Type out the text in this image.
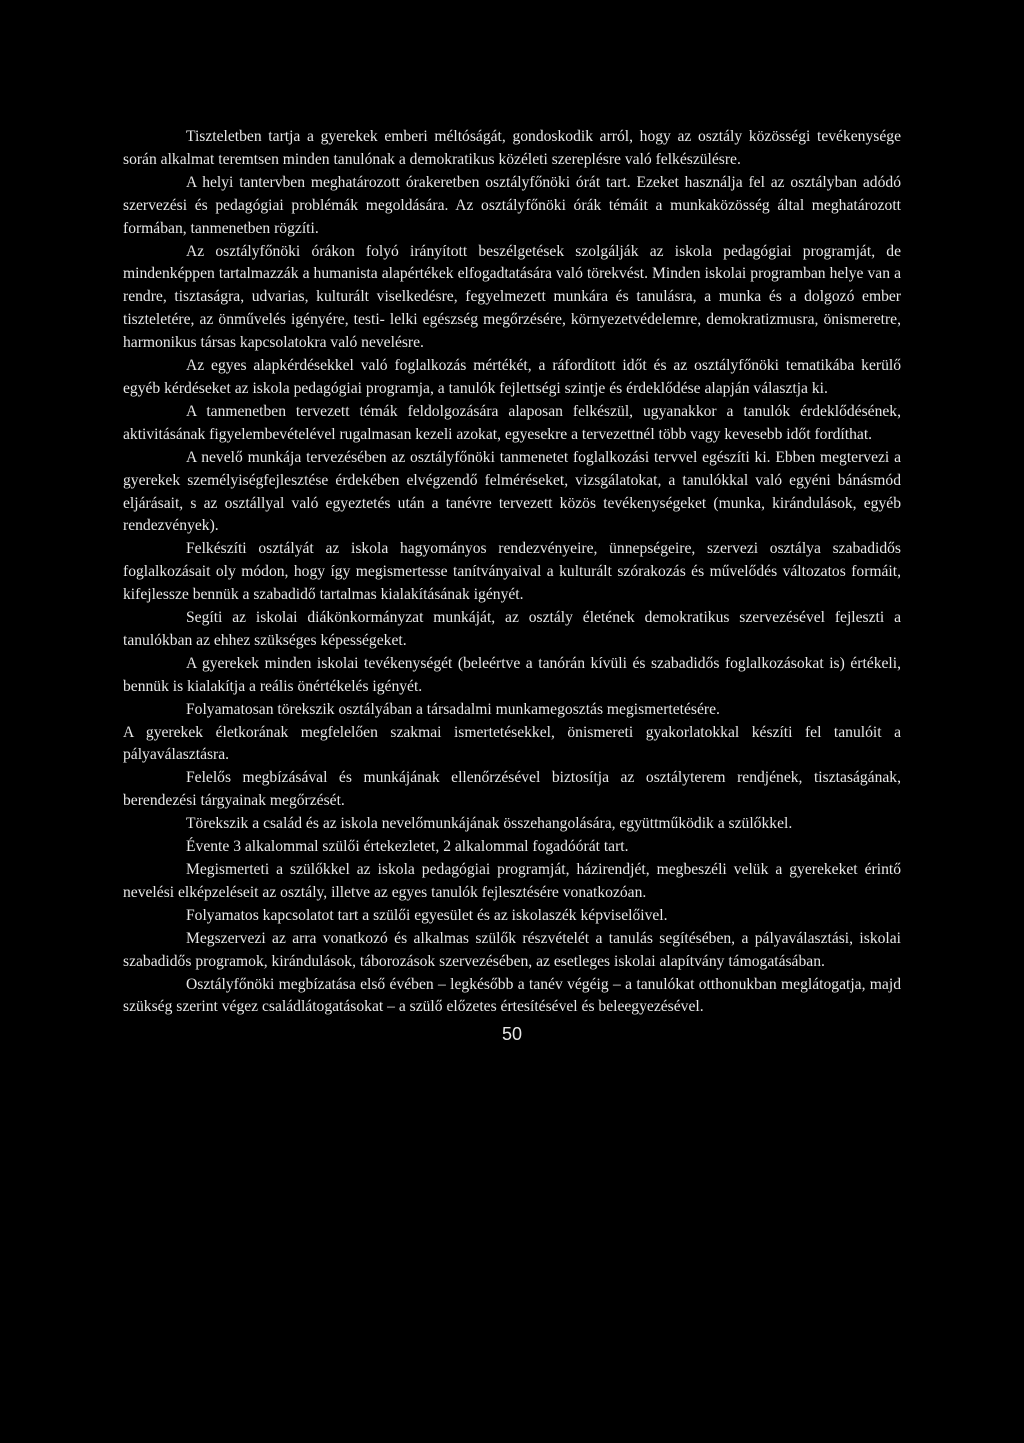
Tiszteletben tartja a gyerekek emberi méltóságát, gondoskodik arról, hogy az osztály közösségi tevékenysége során alkalmat teremtsen minden tanulónak a demokratikus közéleti szereplésre való felkészülésre.

A helyi tantervben meghatározott órakeretben osztályfőnöki órát tart. Ezeket használja fel az osztályban adódó szervezési és pedagógiai problémák megoldására. Az osztályfőnöki órák témáit a munkaközösség által meghatározott formában, tanmenetben rögzíti.

Az osztályfőnöki órákon folyó irányított beszélgetések szolgálják az iskola pedagógiai programját, de mindenképpen tartalmazzák a humanista alapértékek elfogadtatására való törekvést. Minden iskolai programban helye van a rendre, tisztaságra, udvarias, kulturált viselkedésre, fegyelmezett munkára és tanulásra, a munka és a dolgozó ember tiszteletére, az önművelés igényére, testi- lelki egészség megőrzésére, környezetvédelemre, demokratizmusra, önismeretre, harmonikus társas kapcsolatokra való nevelésre.

Az egyes alapkérdésekkel való foglalkozás mértékét, a ráfordított időt és az osztályfőnöki tematikába kerülő egyéb kérdéseket az iskola pedagógiai programja, a tanulók fejlettségi szintje és érdeklődése alapján választja ki.

A tanmenetben tervezett témák feldolgozására alaposan felkészül, ugyanakkor a tanulók érdeklődésének, aktivitásának figyelembevételével rugalmasan kezeli azokat, egyesekre a tervezettnél több vagy kevesebb időt fordíthat.

A nevelő munkája tervezésében az osztályfőnöki tanmenetet foglalkozási tervvel egészíti ki. Ebben megtervezi a gyerekek személyiségfejlesztése érdekében elvégzendő felméréseket, vizsgálatokat, a tanulókkal való egyéni bánásmód eljárásait, s az osztállyal való egyeztetés után a tanévre tervezett közös tevékenységeket (munka, kirándulások, egyéb rendezvények).

Felkészíti osztályát az iskola hagyományos rendezvényeire, ünnepségeire, szervezi osztálya szabadidős foglalkozásait oly módon, hogy így megismertesse tanítványaival a kulturált szórakozás és művelődés változatos formáit, kifejlessze bennük a szabadidő tartalmas kialakításának igényét.

Segíti az iskolai diákönkormányzat munkáját, az osztály életének demokratikus szervezésével fejleszti a tanulókban az ehhez szükséges képességeket.

A gyerekek minden iskolai tevékenységét (beleértve a tanórán kívüli és szabadidős foglalkozásokat is) értékeli, bennük is kialakítja a reális önértékelés igényét.

Folyamatosan törekszik osztályában a társadalmi munkamegosztás megismertetésére.

A gyerekek életkorának megfelelően szakmai ismertetésekkel, önismereti gyakorlatokkal készíti fel tanulóit a pályaválasztásra.

Felelős megbízásával és munkájának ellenőrzésével biztosítja az osztályterem rendjének, tisztaságának, berendezési tárgyainak megőrzését.

Törekszik a család és az iskola nevelőmunkájának összehangolására, együttműködik a szülőkkel.

Évente 3 alkalommal szülői értekezletet, 2 alkalommal fogadóórát tart.

Megismerteti a szülőkkel az iskola pedagógiai programját, házirendjét, megbeszéli velük a gyerekeket érintő nevelési elképzeléseit az osztály, illetve az egyes tanulók fejlesztésére vonatkozóan.

Folyamatos kapcsolatot tart a szülői egyesület és az iskolaszék képviselőivel.

Megszervezi az arra vonatkozó és alkalmas szülők részvételét a tanulás segítésében, a pályaválasztási, iskolai szabadidős programok, kirándulások, táborozások szervezésében, az esetleges iskolai alapítvány támogatásában.

Osztályfőnöki megbízatása első évében – legkésőbb a tanév végéig – a tanulókat otthonukban meglátogatja, majd szükség szerint végez családlátogatásokat – a szülő előzetes értesítésével és beleegyezésével.

50
